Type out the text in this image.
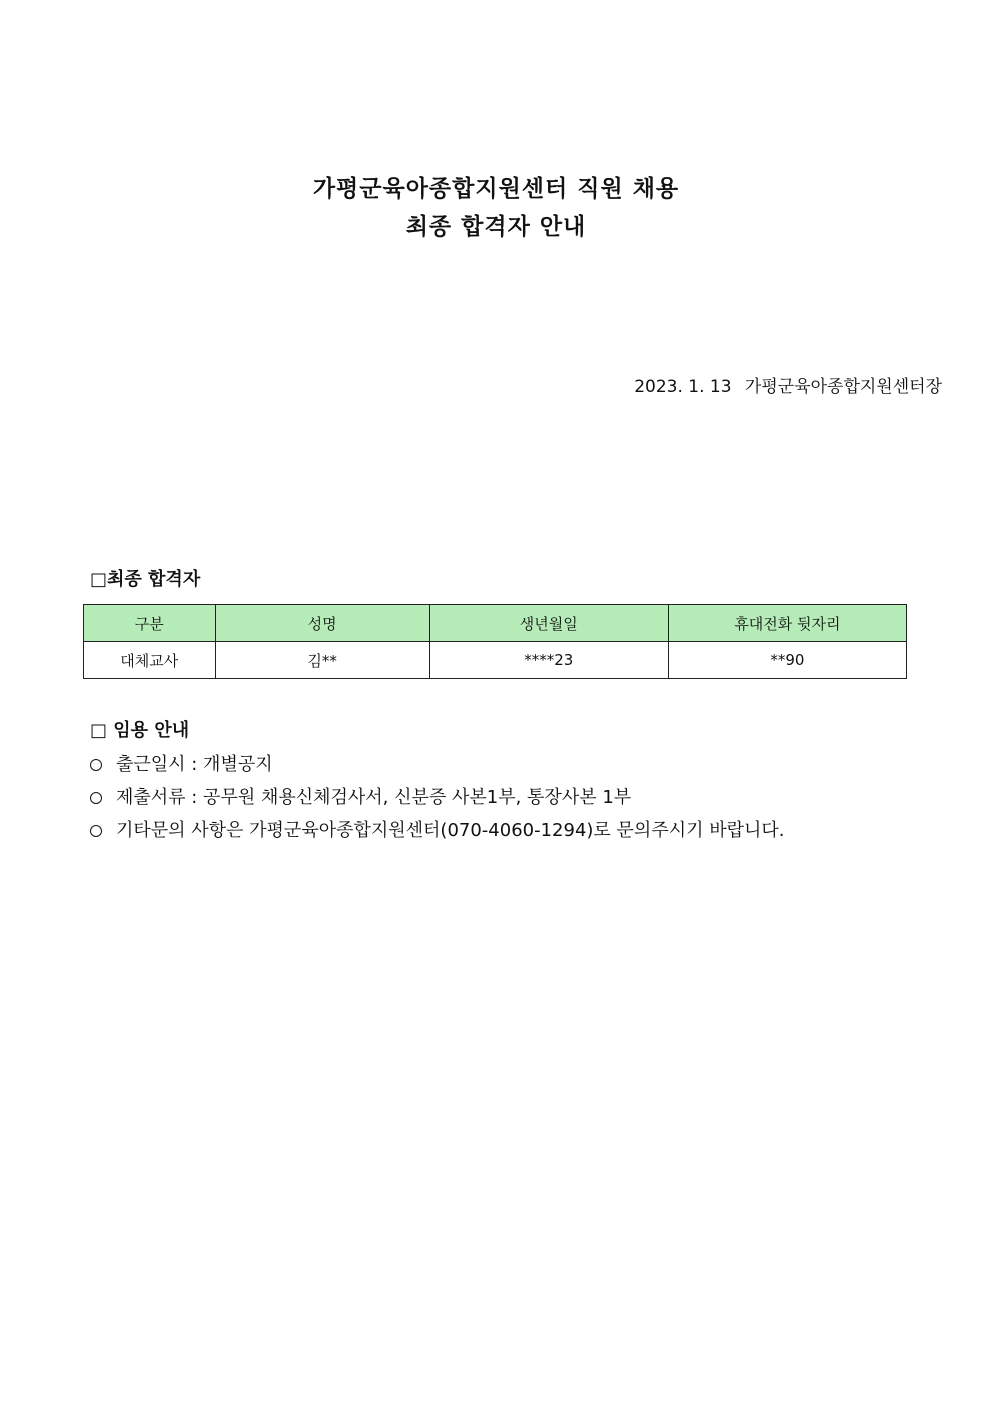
가평군육아종합지원센터 직원 채용
최종 합격자 안내
2023. 1. 13 가평군육아종합지원센터장
□최종 합격자
구분	성명	생년월일	휴대전화 뒷자리
대체교사	김**	****23	**90
□ 임용 안내
출근일시 : 개별공지
제출서류 : 공무원 채용신체검사서, 신분증 사본1부, 통장사본 1부
기타문의 사항은 가평군육아종합지원센터(070-4060-1294)로 문의주시기 바랍니다.
